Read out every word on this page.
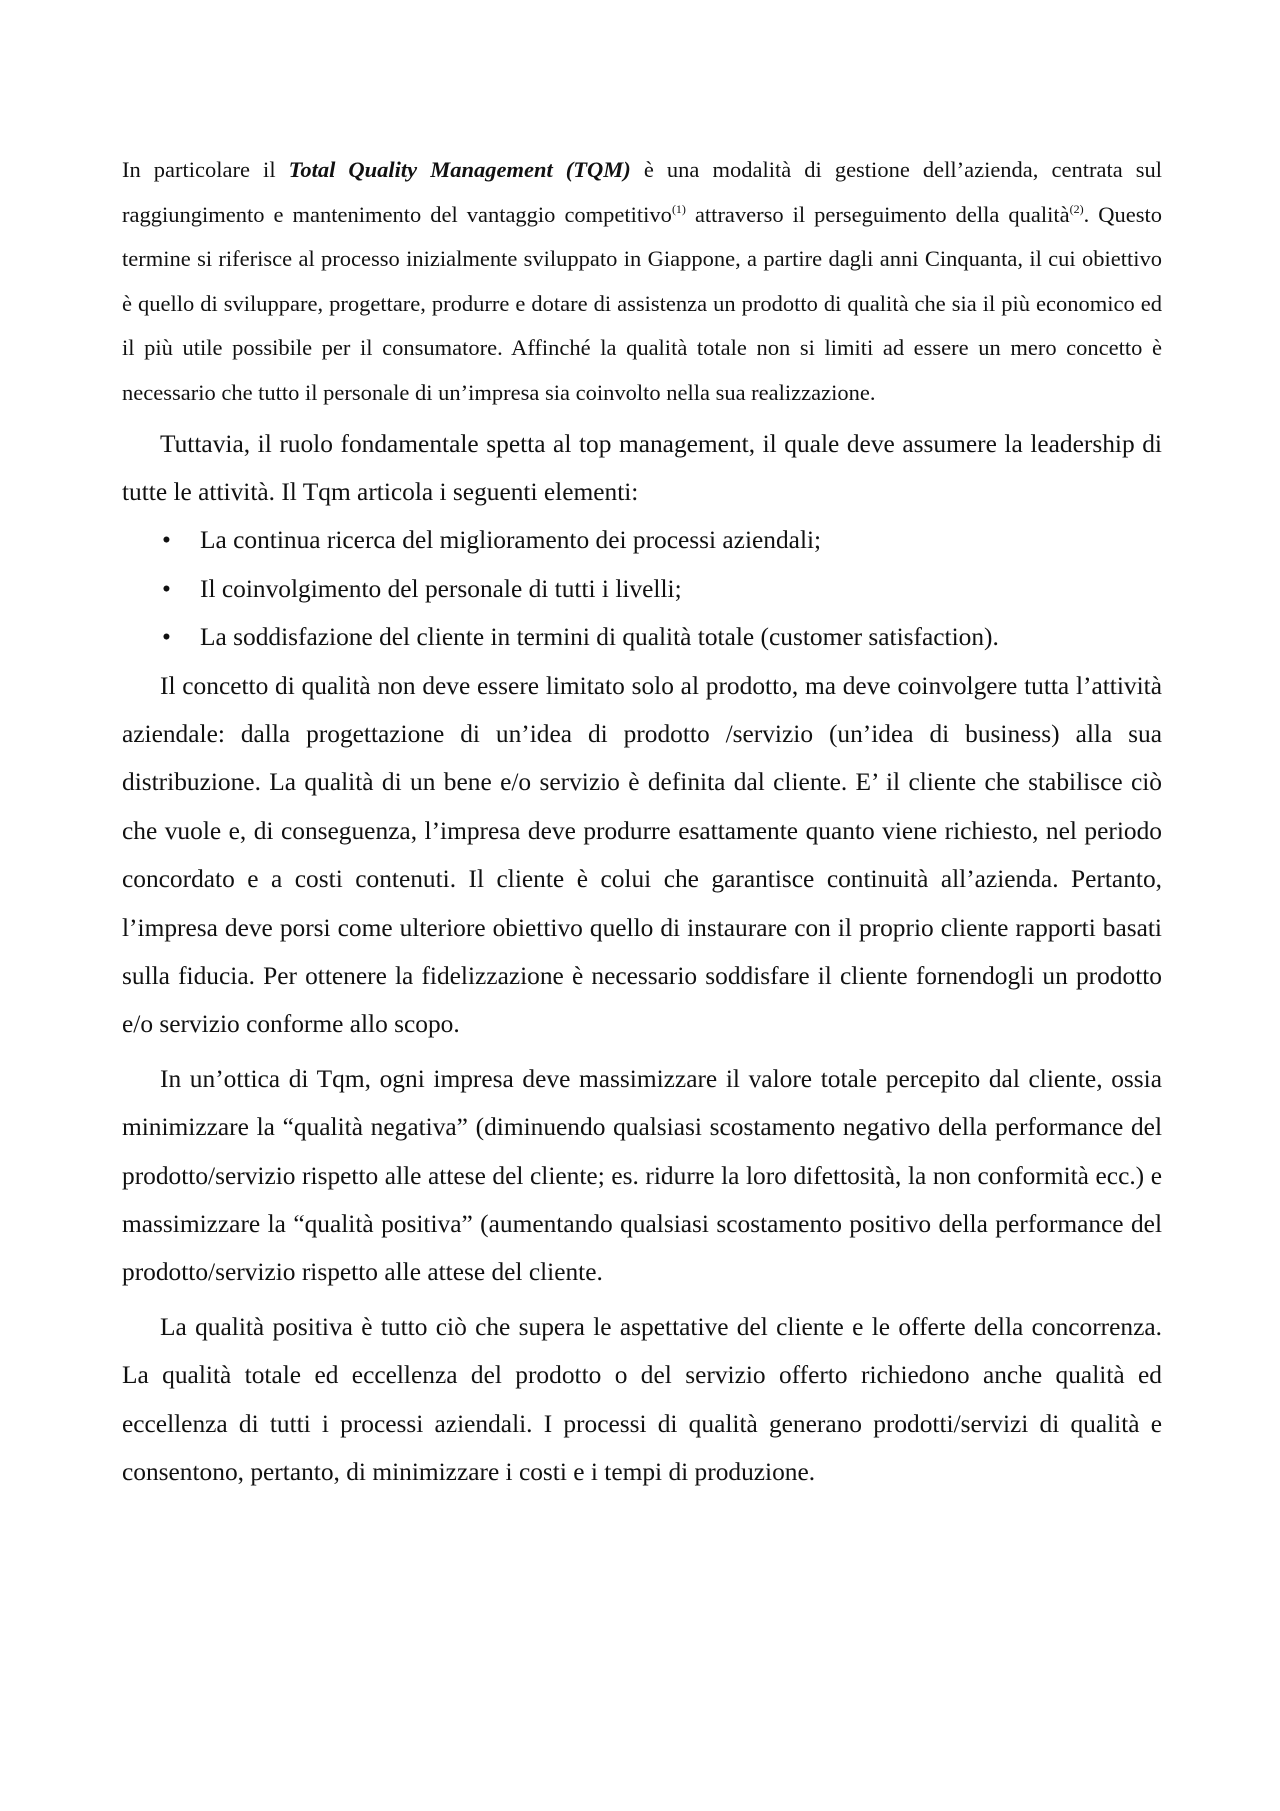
In particolare il Total Quality Management (TQM) è una modalità di gestione dell’azienda, centrata sul raggiungimento e mantenimento del vantaggio competitivo$^{(1)}$ attraverso il perseguimento della qualità$^{(2)}$. Questo termine si riferisce al processo inizialmente sviluppato in Giappone, a partire dagli anni Cinquanta, il cui obiettivo è quello di sviluppare, progettare, produrre e dotare di assistenza un prodotto di qualità che sia il più economico ed il più utile possibile per il consumatore. Affinché la qualità totale non si limiti ad essere un mero concetto è necessario che tutto il personale di un’impresa sia coinvolto nella sua realizzazione.

Tuttavia, il ruolo fondamentale spetta al top management, il quale deve assumere la leadership di tutte le attività. Il Tqm articola i seguenti elementi:

• La continua ricerca del miglioramento dei processi aziendali;
• Il coinvolgimento del personale di tutti i livelli;
• La soddisfazione del cliente in termini di qualità totale (customer satisfaction).

Il concetto di qualità non deve essere limitato solo al prodotto, ma deve coinvolgere tutta l’attività aziendale: dalla progettazione di un’idea di prodotto /servizio (un’idea di business) alla sua distribuzione. La qualità di un bene e/o servizio è definita dal cliente. E’ il cliente che stabilisce ciò che vuole e, di conseguenza, l’impresa deve produrre esattamente quanto viene richiesto, nel periodo concordato e a costi contenuti. Il cliente è colui che garantisce continuità all’azienda. Pertanto, l’impresa deve porsi come ulteriore obiettivo quello di instaurare con il proprio cliente rapporti basati sulla fiducia. Per ottenere la fidelizzazione è necessario soddisfare il cliente fornendogli un prodotto e/o servizio conforme allo scopo.

In un’ottica di Tqm, ogni impresa deve massimizzare il valore totale percepito dal cliente, ossia minimizzare la “qualità negativa” (diminuendo qualsiasi scostamento negativo della performance del prodotto/servizio rispetto alle attese del cliente; es. ridurre la loro difettosità, la non conformità ecc.) e massimizzare la “qualità positiva” (aumentando qualsiasi scostamento positivo della performance del prodotto/servizio rispetto alle attese del cliente.

La qualità positiva è tutto ciò che supera le aspettative del cliente e le offerte della concorrenza. La qualità totale ed eccellenza del prodotto o del servizio offerto richiedono anche qualità ed eccellenza di tutti i processi aziendali. I processi di qualità generano prodotti/servizi di qualità e consentono, pertanto, di minimizzare i costi e i tempi di produzione.
